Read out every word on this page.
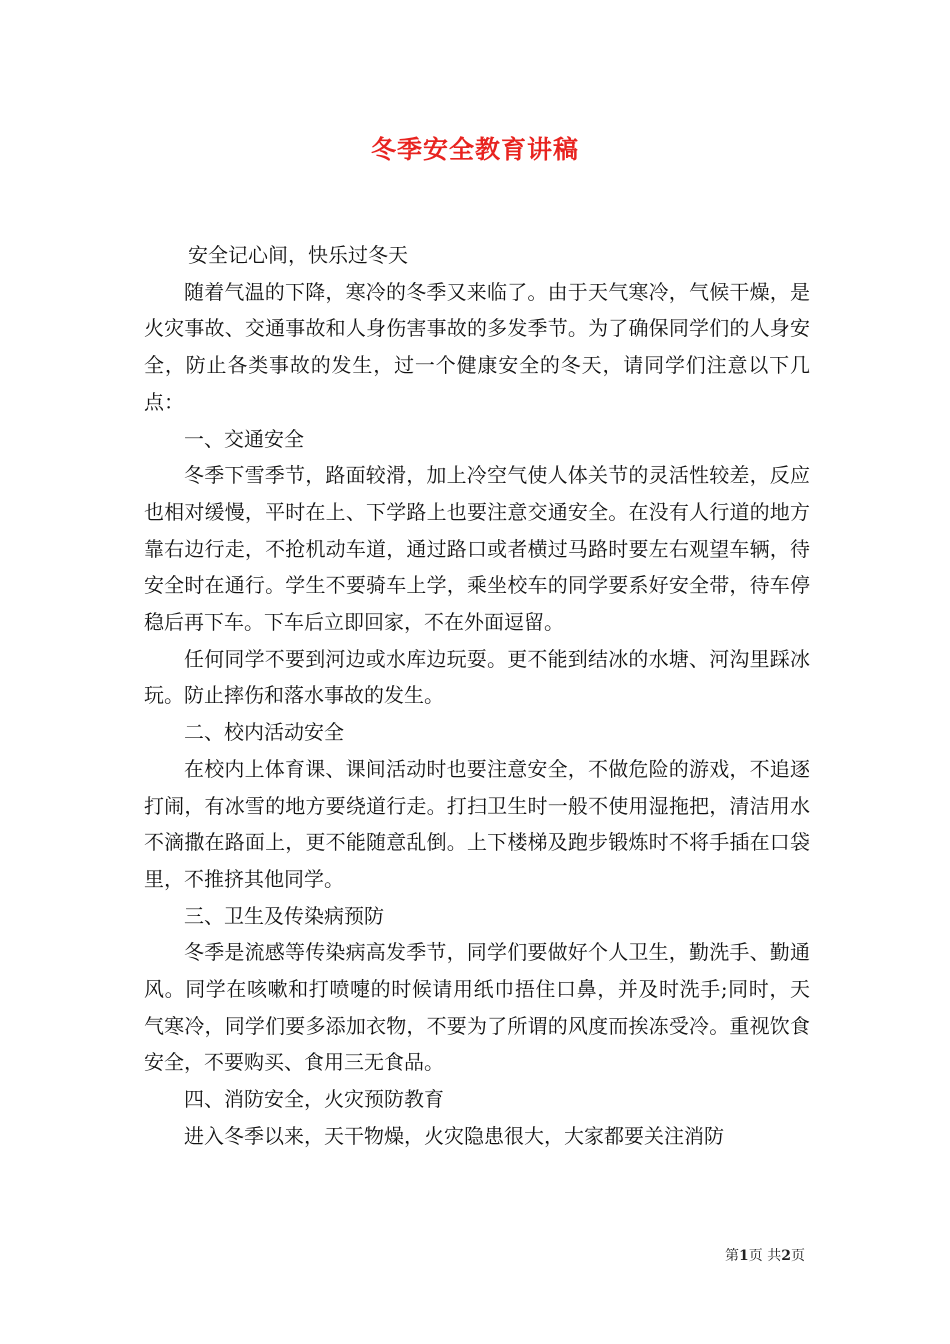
冬季安全教育讲稿

安全记心间，快乐过冬天

随着气温的下降，寒冷的冬季又来临了。由于天气寒冷，气候干燥，是火灾事故、交通事故和人身伤害事故的多发季节。为了确保同学们的人身安全，防止各类事故的发生，过一个健康安全的冬天，请同学们注意以下几点：

一、交通安全

冬季下雪季节，路面较滑，加上冷空气使人体关节的灵活性较差，反应也相对缓慢，平时在上、下学路上也要注意交通安全。在没有人行道的地方靠右边行走，不抢机动车道，通过路口或者横过马路时要左右观望车辆，待安全时在通行。学生不要骑车上学，乘坐校车的同学要系好安全带，待车停稳后再下车。下车后立即回家，不在外面逗留。

任何同学不要到河边或水库边玩耍。更不能到结冰的水塘、河沟里踩冰玩。防止摔伤和落水事故的发生。

二、校内活动安全

在校内上体育课、课间活动时也要注意安全，不做危险的游戏，不追逐打闹，有冰雪的地方要绕道行走。打扫卫生时一般不使用湿拖把，清洁用水不滴撒在路面上，更不能随意乱倒。上下楼梯及跑步锻炼时不将手插在口袋里，不推挤其他同学。

三、卫生及传染病预防

冬季是流感等传染病高发季节，同学们要做好个人卫生，勤洗手、勤通风。同学在咳嗽和打喷嚏的时候请用纸巾捂住口鼻，并及时洗手;同时，天气寒冷，同学们要多添加衣物，不要为了所谓的风度而挨冻受冷。重视饮食安全，不要购买、食用三无食品。

四、消防安全，火灾预防教育

进入冬季以来，天干物燥，火灾隐患很大，大家都要关注消防

第1页 共2页
